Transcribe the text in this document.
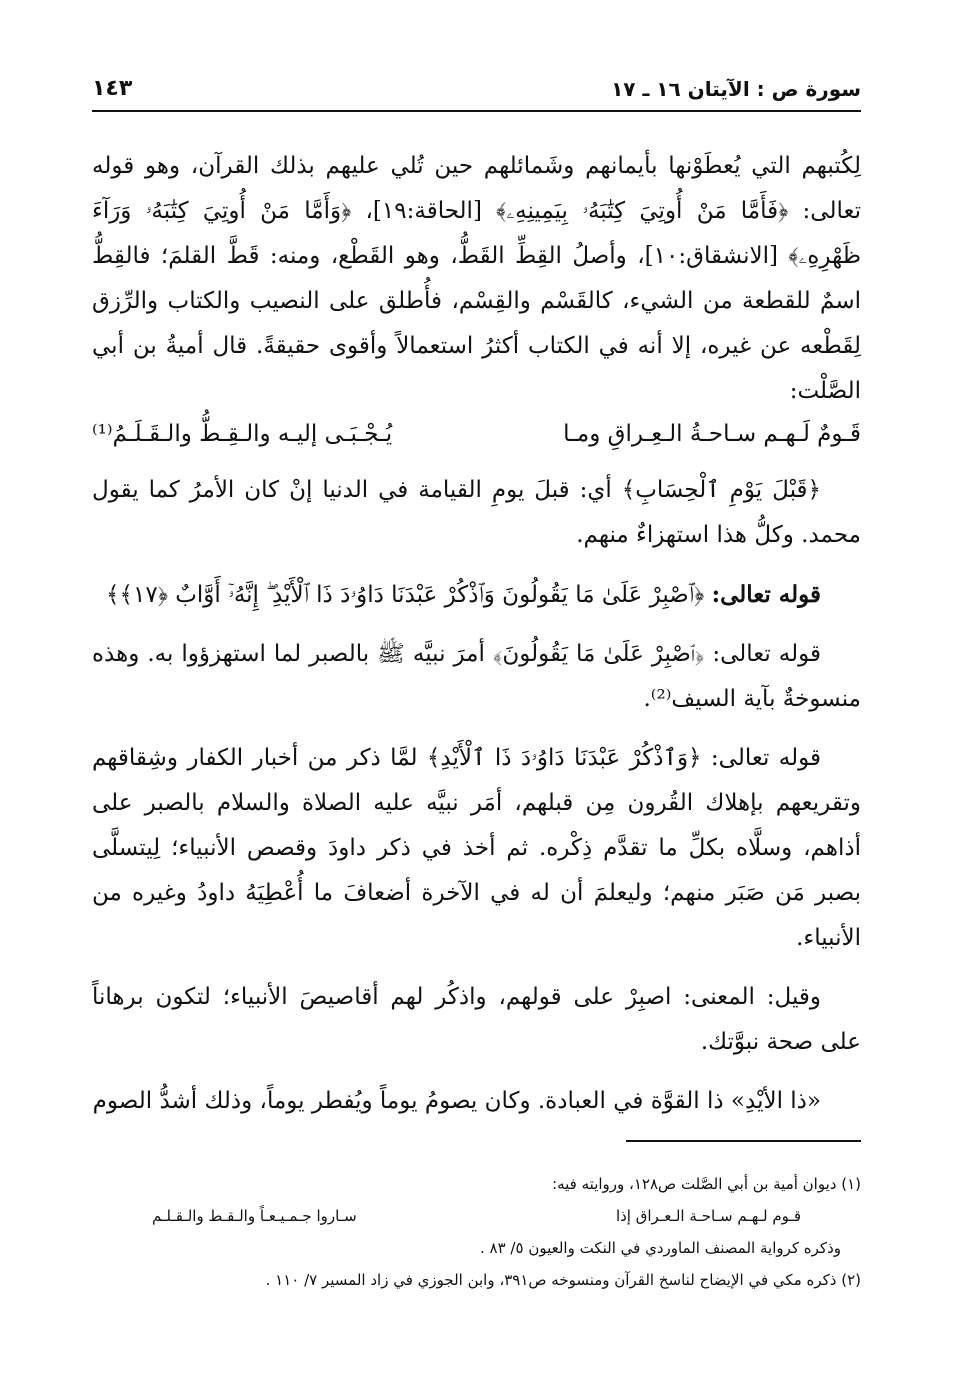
سورة ص : الآيتان ١٦ ـ ١٧
١٤٣

لِكُتبهم التي يُعطَوْنها بأيمانهم وشَمائلهم حين تُلي عليهم بذلك القرآن، وهو قوله تعالى: ﴿فَأَمَّا مَنْ أُوتِيَ كِتَٰبَهُۥ بِيَمِينِهِۦ﴾ [الحاقة:١٩]، ﴿وَأَمَّا مَنْ أُوتِيَ كِتَٰبَهُۥ وَرَآءَ ظَهْرِهِۦ﴾ [الانشقاق:١٠]، وأصلُ القِطِّ القَطُّ، وهو القَطْع، ومنه: قَطَّ القلمَ؛ فالقِطُّ اسمٌ للقطعة من الشيء، كالقَسْم والقِسْم، فأُطلق على النصيب والكتاب والرِّزق لِقَطْعه عن غيره، إلا أنه في الكتاب أكثرُ استعمالاً وأقوى حقيقةً. قال أميةُ بن أبي الصَّلْت:

قَـومٌ لَـهـم سـاحـةُ الـعِـراقِ ومـا
يُـجْـبَـى إليـه والـقِـطُّ والـقَـلَـمُ⁽¹⁾

﴿قَبْلَ يَوْمِ ٱلْحِسَابِ﴾ أي: قبلَ يومِ القيامة في الدنيا إنْ كان الأمرُ كما يقول محمد. وكلُّ هذا استهزاءٌ منهم.

قوله تعالى: ﴿ٱصْبِرْ عَلَىٰ مَا يَقُولُونَ وَٱذْكُرْ عَبْدَنَا دَاوُۥدَ ذَا ٱلْأَيْدِ ۖ إِنَّهُۥٓ أَوَّابٌ ﴿١٧﴾﴾

قوله تعالى: ﴿ٱصْبِرْ عَلَىٰ مَا يَقُولُونَ﴾ أمرَ نبيَّه ﷺ بالصبر لما استهزؤوا به. وهذه منسوخةٌ بآية السيف⁽²⁾.

قوله تعالى: ﴿وَٱذْكُرْ عَبْدَنَا دَاوُۥدَ ذَا ٱلْأَيْدِ﴾ لمَّا ذكر من أخبار الكفار وشِقاقهم وتقريعهم بإهلاك القُرون مِن قبلهم، أمَر نبيَّه عليه الصلاة والسلام بالصبر على أذاهم، وسلَّاه بكلِّ ما تقدَّم ذِكْره. ثم أخذ في ذكر داودَ وقصص الأنبياء؛ لِيتسلَّى بصبر مَن صَبَر منهم؛ وليعلمَ أن له في الآخرة أضعافَ ما أُعْطِيَهُ داودُ وغيره من الأنبياء.

وقيل: المعنى: اصبِرْ على قولهم، واذكُر لهم أقاصيصَ الأنبياء؛ لتكون برهاناً على صحة نبوَّتك.

«ذا الأيْدِ» ذا القوَّة في العبادة. وكان يصومُ يوماً ويُفطر يوماً، وذلك أشدُّ الصوم

(١) ديوان أمية بن أبي الصَّلت ص١٢٨، وروايته فيه:

قـوم لـهـم سـاحـة الـعـراق إذا
سـاروا جـمـيـعـاً والـقـط والـقـلـم

وذكره كرواية المصنف الماوردي في النكت والعيون ٥/ ٨٣ .

(٢) ذكره مكي في الإيضاح لناسخ القرآن ومنسوخه ص٣٩١، وابن الجوزي في زاد المسير ٧/ ١١٠ .
